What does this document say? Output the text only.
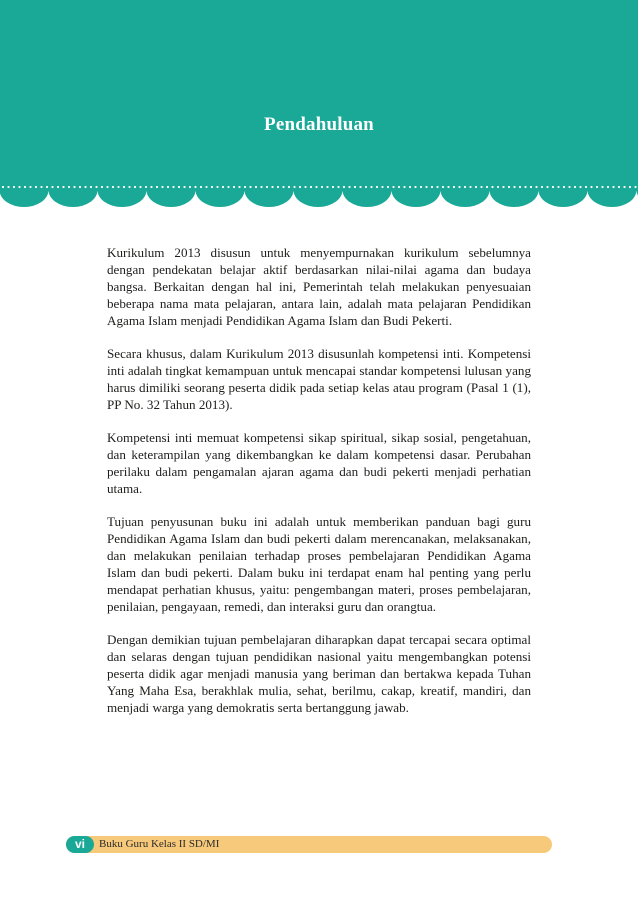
Pendahuluan

Kurikulum 2013 disusun untuk menyempurnakan kurikulum sebelumnya dengan pendekatan belajar aktif berdasarkan nilai-nilai agama dan budaya bangsa. Berkaitan dengan hal ini, Pemerintah telah melakukan penyesuaian beberapa nama mata pelajaran, antara lain, adalah mata pelajaran Pendidikan Agama Islam menjadi Pendidikan Agama Islam dan Budi Pekerti.

Secara khusus, dalam Kurikulum 2013 disusunlah kompetensi inti. Kompetensi inti adalah tingkat kemampuan untuk mencapai standar kompetensi lulusan yang harus dimiliki seorang peserta didik pada setiap kelas atau program (Pasal 1 (1), PP No. 32 Tahun 2013).

Kompetensi inti memuat kompetensi sikap spiritual, sikap sosial, pengetahuan, dan keterampilan yang dikembangkan ke dalam kompetensi dasar. Perubahan perilaku dalam pengamalan ajaran agama dan budi pekerti menjadi perhatian utama.

Tujuan penyusunan buku ini adalah untuk memberikan panduan bagi guru Pendidikan Agama Islam dan budi pekerti dalam merencanakan, melaksanakan, dan melakukan penilaian terhadap proses pembelajaran Pendidikan Agama Islam dan budi pekerti. Dalam buku ini terdapat enam hal penting yang perlu mendapat perhatian khusus, yaitu: pengembangan materi, proses pembelajaran, penilaian, pengayaan, remedi, dan interaksi guru dan orangtua.

Dengan demikian tujuan pembelajaran diharapkan dapat tercapai secara optimal dan selaras dengan tujuan pendidikan nasional yaitu mengembangkan potensi peserta didik agar menjadi manusia yang beriman dan bertakwa kepada Tuhan Yang Maha Esa, berakhlak mulia, sehat, berilmu, cakap, kreatif, mandiri, dan menjadi warga yang demokratis serta bertanggung jawab.

vi	Buku Guru Kelas II SD/MI
